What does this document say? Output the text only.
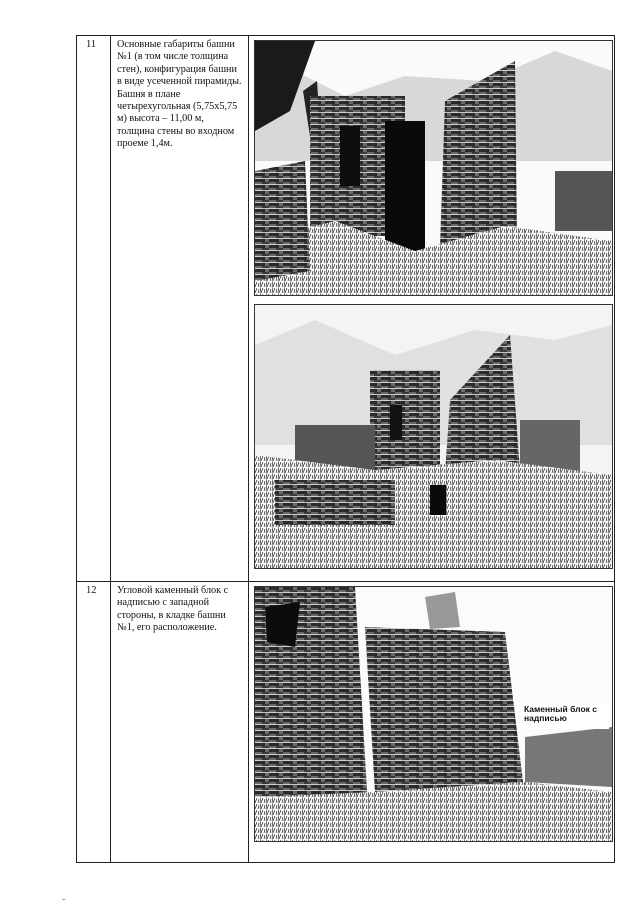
11	Основные габариты башни №1 (в том числе толщина стен), конфигурация башни в виде усеченной пирамиды.
Башня в плане четырехугольная (5,75х5,75 м) высота – 11,00 м, толщина стены во входном проеме 1,4м.

12	Угловой каменный блок с надписью с западной стороны, в кладке башни №1, его расположение.	Каменный блок с надписью
-
